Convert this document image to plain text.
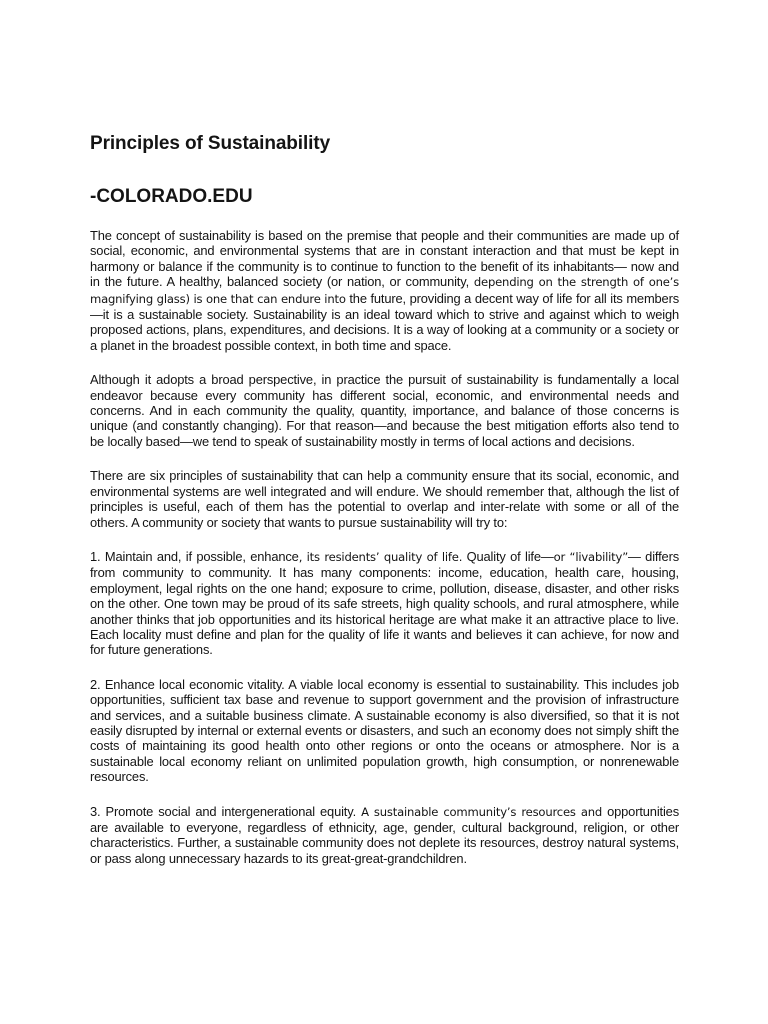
Principles of Sustainability
-COLORADO.EDU

The concept of sustainability is based on the premise that people and their communities are made up of social, economic, and environmental systems that are in constant interaction and that must be kept in harmony or balance if the community is to continue to function to the benefit of its inhabitants— now and in the future. A healthy, balanced society (or nation, or community, depending on the strength of one’s magnifying glass) is one that can endure into the future, providing a decent way of life for all its members—it is a sustainable society. Sustainability is an ideal toward which to strive and against which to weigh proposed actions, plans, expenditures, and decisions. It is a way of looking at a community or a society or a planet in the broadest possible context, in both time and space.

Although it adopts a broad perspective, in practice the pursuit of sustainability is fundamentally a local endeavor because every community has different social, economic, and environmental needs and concerns. And in each community the quality, quantity, importance, and balance of those concerns is unique (and constantly changing). For that reason—and because the best mitigation efforts also tend to be locally based—we tend to speak of sustainability mostly in terms of local actions and decisions.

There are six principles of sustainability that can help a community ensure that its social, economic, and environmental systems are well integrated and will endure. We should remember that, although the list of principles is useful, each of them has the potential to overlap and inter-relate with some or all of the others. A community or society that wants to pursue sustainability will try to:

1. Maintain and, if possible, enhance, its residents’ quality of life. Quality of life—or “livability”— differs from community to community. It has many components: income, education, health care, housing, employment, legal rights on the one hand; exposure to crime, pollution, disease, disaster, and other risks on the other. One town may be proud of its safe streets, high quality schools, and rural atmosphere, while another thinks that job opportunities and its historical heritage are what make it an attractive place to live. Each locality must define and plan for the quality of life it wants and believes it can achieve, for now and for future generations.

2. Enhance local economic vitality. A viable local economy is essential to sustainability. This includes job opportunities, sufficient tax base and revenue to support government and the provision of infrastructure and services, and a suitable business climate. A sustainable economy is also diversified, so that it is not easily disrupted by internal or external events or disasters, and such an economy does not simply shift the costs of maintaining its good health onto other regions or onto the oceans or atmosphere. Nor is a sustainable local economy reliant on unlimited population growth, high consumption, or nonrenewable resources.

3. Promote social and intergenerational equity. A sustainable community’s resources and opportunities are available to everyone, regardless of ethnicity, age, gender, cultural background, religion, or other characteristics. Further, a sustainable community does not deplete its resources, destroy natural systems, or pass along unnecessary hazards to its great-great-grandchildren.
